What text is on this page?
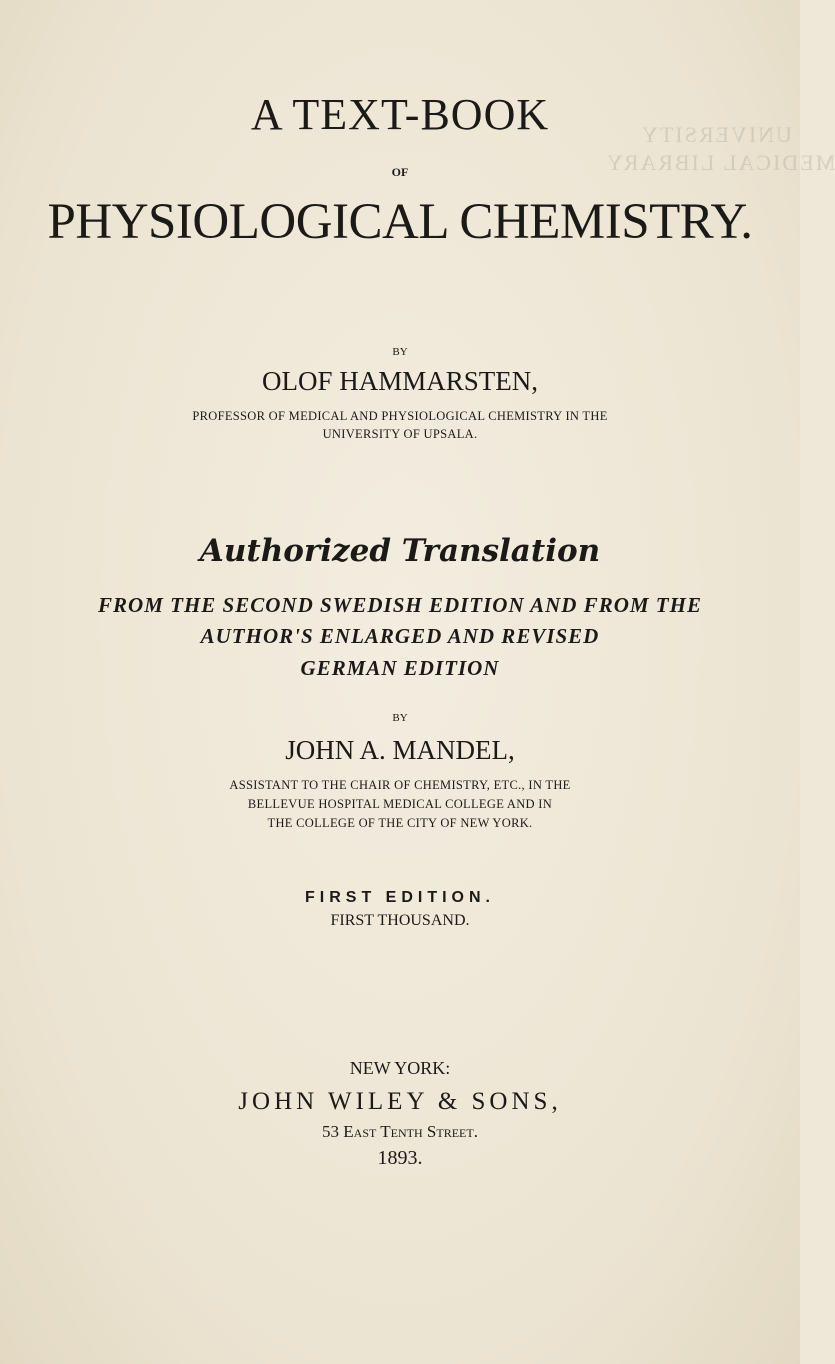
UNIVERSITY
MEDICAL LIBRARY

A TEXT-BOOK

OF

PHYSIOLOGICAL CHEMISTRY.

BY

OLOF HAMMARSTEN,

PROFESSOR OF MEDICAL AND PHYSIOLOGICAL CHEMISTRY IN THE

UNIVERSITY OF UPSALA.

Authorized Translation

FROM THE SECOND SWEDISH EDITION AND FROM THE

AUTHOR'S ENLARGED AND REVISED

GERMAN EDITION

BY

JOHN A. MANDEL,

ASSISTANT TO THE CHAIR OF CHEMISTRY, ETC., IN THE

BELLEVUE HOSPITAL MEDICAL COLLEGE AND IN

THE COLLEGE OF THE CITY OF NEW YORK.

FIRST EDITION.

FIRST THOUSAND.

NEW YORK:

JOHN WILEY & SONS,

53 East Tenth Street.

1893.
